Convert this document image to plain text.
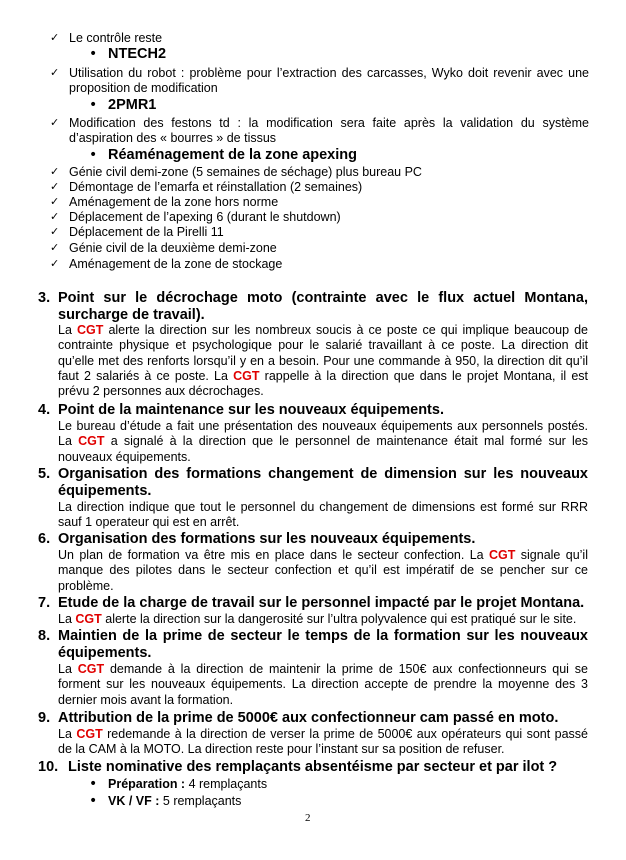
✓ Le contrôle reste
• NTECH2
✓ Utilisation du robot : problème pour l’extraction des carcasses, Wyko doit revenir avec une
proposition de modification
• 2PMR1
✓ Modification des festons td : la modification sera faite après la validation du système
d’aspiration des « bourres » de tissus
• Réaménagement de la zone apexing
✓ Génie civil demi-zone (5 semaines de séchage) plus bureau PC
✓ Démontage de l’emarfa et réinstallation (2 semaines)
✓ Aménagement de la zone hors norme
✓ Déplacement de l’apexing 6 (durant le shutdown)
✓ Déplacement de la Pirelli 11
✓ Génie civil de la deuxième demi-zone
✓ Aménagement de la zone de stockage
3. Point sur le décrochage moto (contrainte avec le flux actuel Montana,
surcharge de travail).
La CGT alerte la direction sur les nombreux soucis à ce poste ce qui implique beaucoup de
contrainte physique et psychologique pour le salarié travaillant à ce poste. La direction dit
qu’elle met des renforts lorsqu’il y en a besoin. Pour une commande à 950, la direction dit qu’il
faut 2 salariés à ce poste. La CGT rappelle à la direction que dans le projet Montana, il est
prévu 2 personnes aux décrochages.
4. Point de la maintenance sur les nouveaux équipements.
Le bureau d’étude a fait une présentation des nouveaux équipements aux personnels postés.
La CGT a signalé à la direction que le personnel de maintenance était mal formé sur les
nouveaux équipements.
5. Organisation des formations changement de dimension sur les nouveaux
équipements.
La direction indique que tout le personnel du changement de dimensions est formé sur RRR
sauf 1 operateur qui est en arrêt.
6. Organisation des formations sur les nouveaux équipements.
Un plan de formation va être mis en place dans le secteur confection. La CGT signale qu’il
manque des pilotes dans le secteur confection et qu’il est impératif de se pencher sur ce
problème.
7. Etude de la charge de travail sur le personnel impacté par le projet Montana.
La CGT alerte la direction sur la dangerosité sur l’ultra polyvalence qui est pratiqué sur le site.
8. Maintien de la prime de secteur le temps de la formation sur les nouveaux
équipements.
La CGT demande à la direction de maintenir la prime de 150€ aux confectionneurs qui se
forment sur les nouveaux équipements. La direction accepte de prendre la moyenne des 3
dernier mois avant la formation.
9. Attribution de la prime de 5000€ aux confectionneur cam passé en moto.
La CGT redemande à la direction de verser la prime de 5000€ aux opérateurs qui sont passé
de la CAM à la MOTO. La direction reste pour l’instant sur sa position de refuser.
10. Liste nominative des remplaçants absentéisme par secteur et par ilot ?
• Préparation : 4 remplaçants
• VK / VF : 5 remplaçants
2
